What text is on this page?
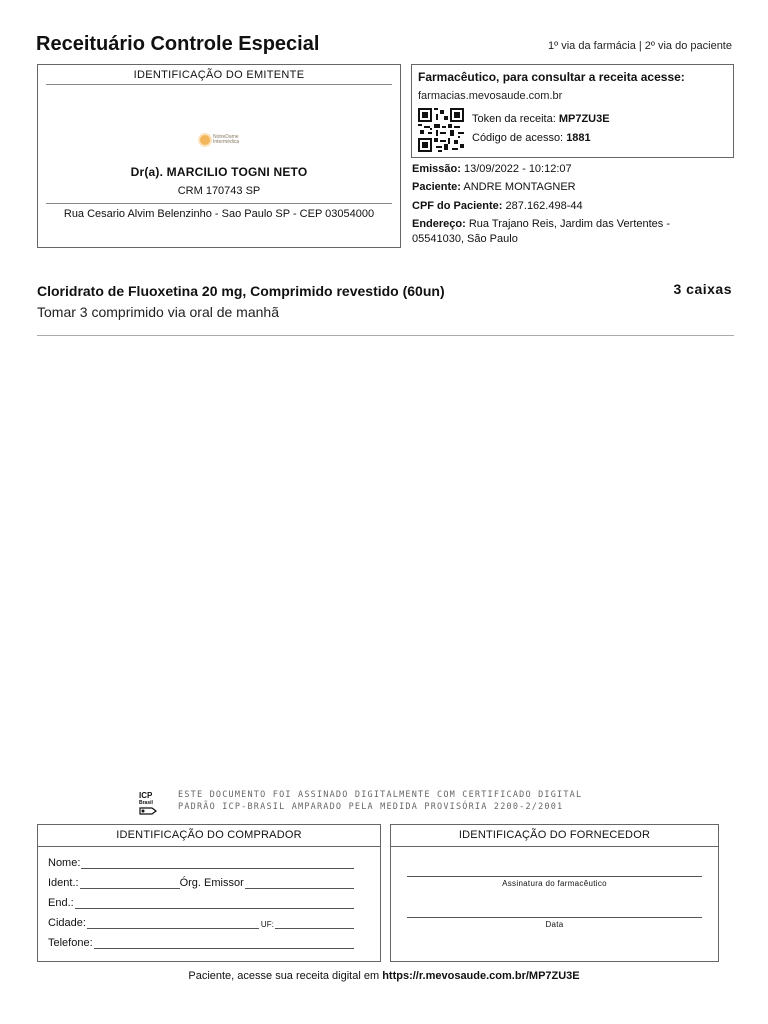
Receituário Controle Especial	1º via da farmácia | 2º via do paciente
IDENTIFICAÇÃO DO EMITENTE
NotreDame
Intermédica
Dr(a). MARCILIO TOGNI NETO
CRM 170743 SP
Rua Cesario Alvim Belenzinho - Sao Paulo SP - CEP 03054000
Farmacêutico, para consultar a receita acesse:
farmacias.mevosaude.com.br
Token da receita: MP7ZU3E
Código de acesso: 1881
Emissão: 13/09/2022 - 10:12:07
Paciente: ANDRE MONTAGNER
CPF do Paciente: 287.162.498-44
Endereço: Rua Trajano Reis, Jardim das Vertentes -
05541030, São Paulo
Cloridrato de Fluoxetina 20 mg, Comprimido revestido (60un)	3 caixas
Tomar 3 comprimido via oral de manhã
ICP
Brasil
ESTE DOCUMENTO FOI ASSINADO DIGITALMENTE COM CERTIFICADO DIGITAL
PADRÃO ICP-BRASIL AMPARADO PELA MEDIDA PROVISÓRIA 2200-2/2001
IDENTIFICAÇÃO DO COMPRADOR
Nome:
Ident.:	Órg. Emissor
End.:
Cidade:	UF:
Telefone:
IDENTIFICAÇÃO DO FORNECEDOR
Assinatura do farmacêutico
Data
Paciente, acesse sua receita digital em https://r.mevosaude.com.br/MP7ZU3E
